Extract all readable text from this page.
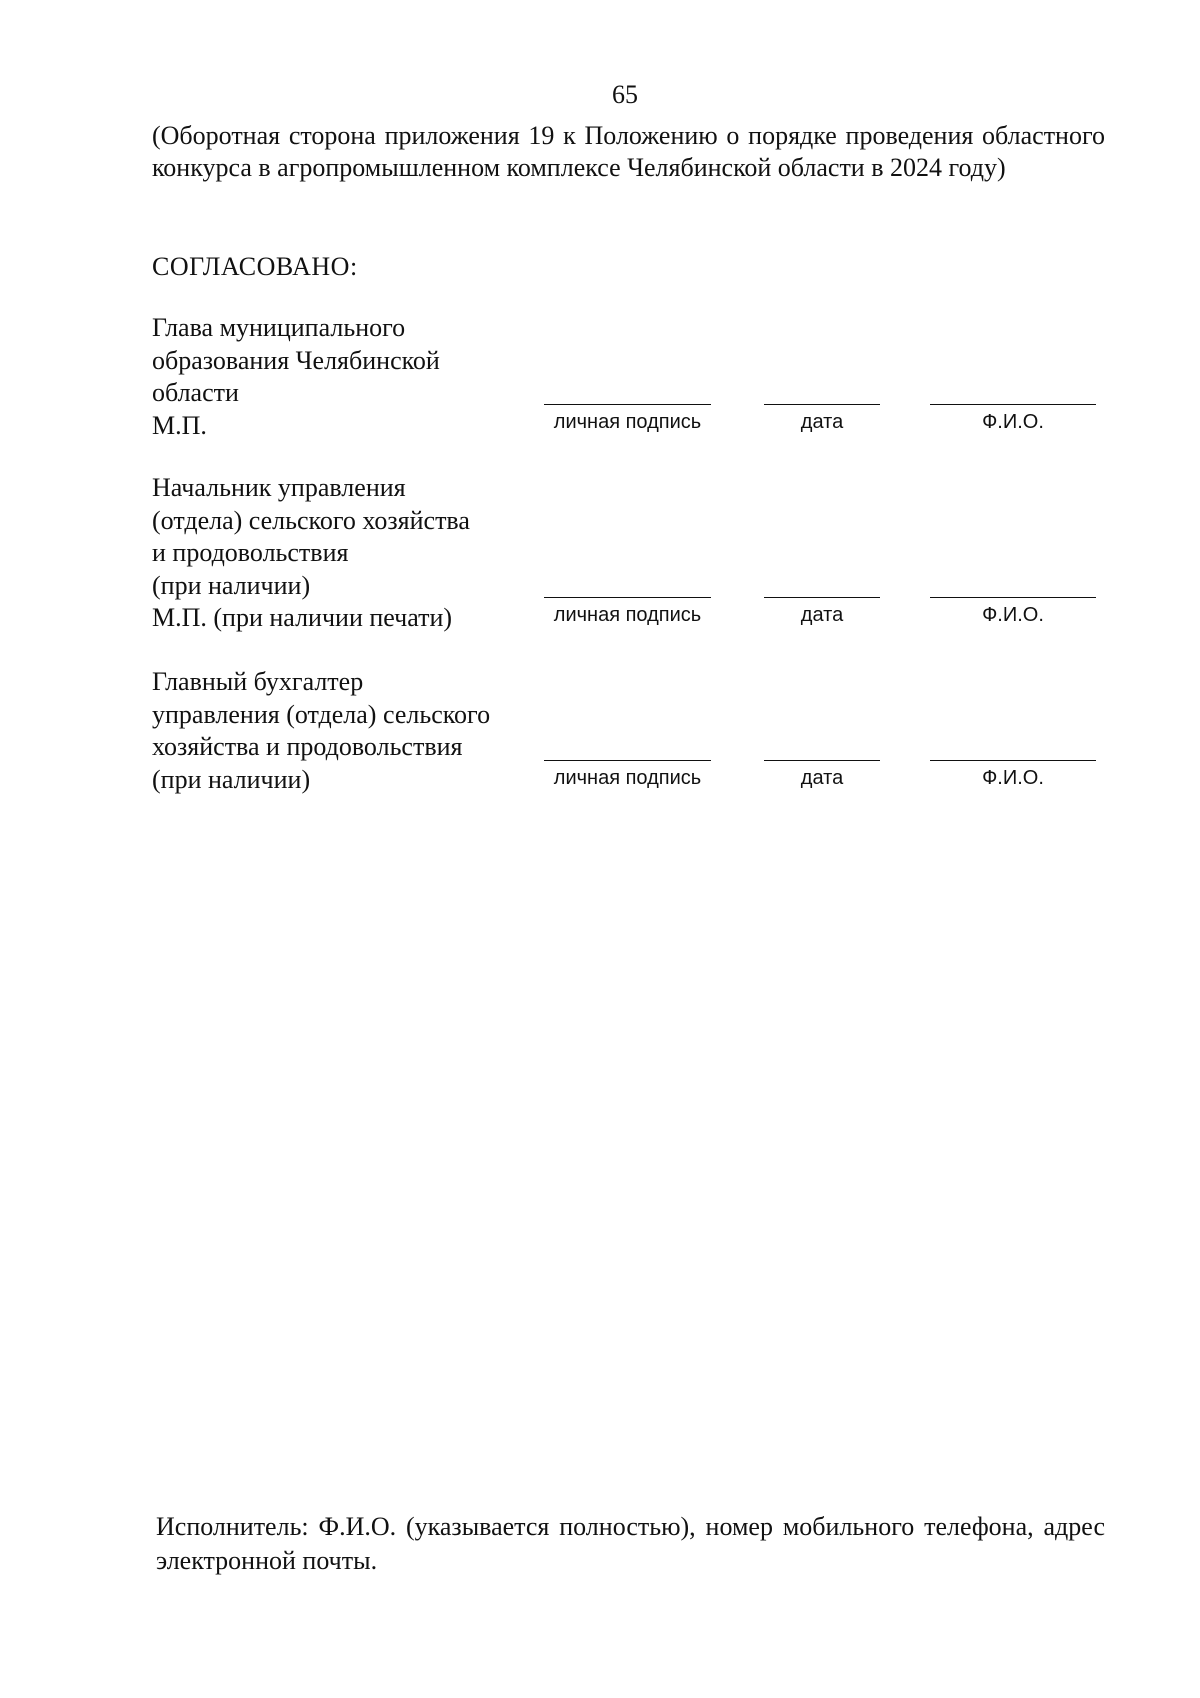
65
(Оборотная сторона приложения 19 к Положению о порядке проведения областного конкурса в агропромышленном комплексе Челябинской области в 2024 году)
СОГЛАСОВАНО:
Глава муниципального
образования Челябинской
области
М.П.	личная подпись	дата	Ф.И.О.
Начальник управления
(отдела) сельского хозяйства
и продовольствия
(при наличии)
М.П. (при наличии печати)	личная подпись	дата	Ф.И.О.
Главный бухгалтер
управления (отдела) сельского
хозяйства и продовольствия
(при наличии)	личная подпись	дата	Ф.И.О.
Исполнитель: Ф.И.О. (указывается полностью), номер мобильного телефона, адрес электронной почты.
